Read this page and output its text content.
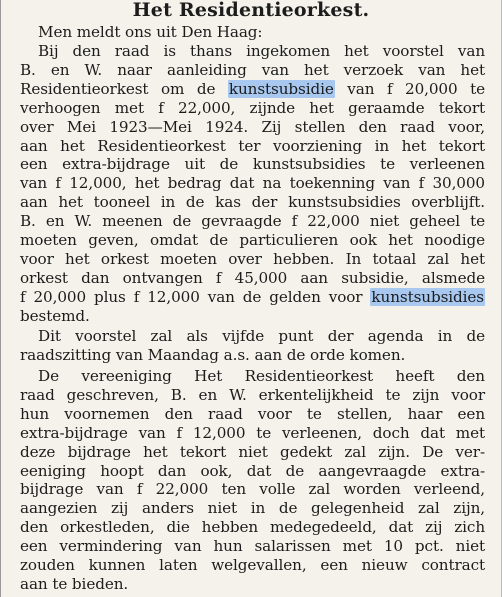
Het Residentieorkest.
Men meldt ons uit Den Haag:
Bij den raad is thans ingekomen het voorstel van
B. en W. naar aanleiding van het verzoek van het
Residentieorkest om de kunstsubsidie van f 20,000 te
verhoogen met f 22,000, zijnde het geraamde tekort
over Mei 1923—Mei 1924. Zij stellen den raad voor,
aan het Residentieorkest ter voorziening in het tekort
een extra-bijdrage uit de kunstsubsidies te verleenen
van f 12,000, het bedrag dat na toekenning van f 30,000
aan het tooneel in de kas der kunstsubsidies overblijft.
B. en W. meenen de gevraagde f 22,000 niet geheel te
moeten geven, omdat de particulieren ook het noodige
voor het orkest moeten over hebben. In totaal zal het
orkest dan ontvangen f 45,000 aan subsidie, alsmede
f 20,000 plus f 12,000 van de gelden voor kunstsubsidies
bestemd.
Dit voorstel zal als vijfde punt der agenda in de
raadszitting van Maandag a.s. aan de orde komen.
De vereeniging Het Residentieorkest heeft den
raad geschreven, B. en W. erkentelijkheid te zijn voor
hun voornemen den raad voor te stellen, haar een
extra-bijdrage van f 12,000 te verleenen, doch dat met
deze bijdrage het tekort niet gedekt zal zijn. De ver-
eeniging hoopt dan ook, dat de aangevraagde extra-
bijdrage van f 22,000 ten volle zal worden verleend,
aangezien zij anders niet in de gelegenheid zal zijn,
den orkestleden, die hebben medegedeeld, dat zij zich
een vermindering van hun salarissen met 10 pct. niet
zouden kunnen laten welgevallen, een nieuw contract
aan te bieden.
